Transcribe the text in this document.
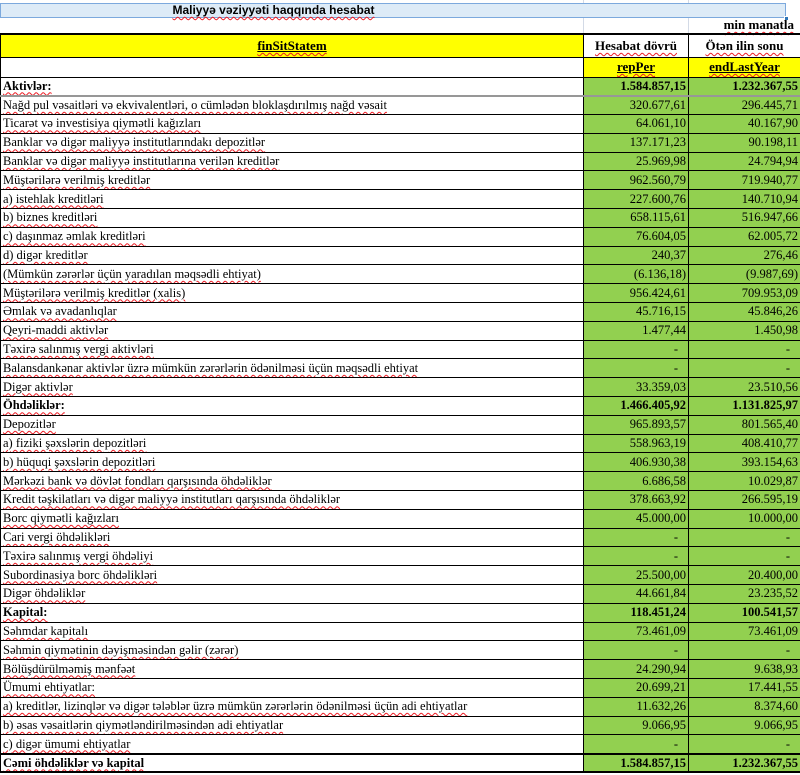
Maliyyə vəziyyəti haqqında hesabat
min manatla
finSitStatem	Hesabat dövrü	Ötən ilin sonu
	repPer	endLastYear
Aktivlər:	1.584.857,15	1.232.367,55
Nağd pul vəsaitləri və ekvivalentləri, o cümlədən bloklaşdırılmış nağd vəsait	320.677,61	296.445,71
Ticarət və investisiya qiymətli kağızları	64.061,10	40.167,90
Banklar və digər maliyyə institutlarındakı depozitlər	137.171,23	90.198,11
Banklar və digər maliyyə institutlarına verilən kreditlər	25.969,98	24.794,94
Müştərilərə verilmiş kreditlər	962.560,79	719.940,77
a) istehlak kreditləri	227.600,76	140.710,94
b) biznes kreditləri	658.115,61	516.947,66
c) daşınmaz əmlak kreditləri	76.604,05	62.005,72
d) digər kreditlər	240,37	276,46
(Mümkün zərərlər üçün yaradılan məqsədli ehtiyat)	(6.136,18)	(9.987,69)
Müştərilərə verilmiş kreditlər (xalis)	956.424,61	709.953,09
Əmlak və avadanlıqlar	45.716,15	45.846,26
Qeyri-maddi aktivlər	1.477,44	1.450,98
Təxirə salınmış vergi aktivləri	-	-
Balansdankənar aktivlər üzrə mümkün zərərlərin ödənilməsi üçün məqsədli ehtiyat	-	-
Digər aktivlər	33.359,03	23.510,56
Öhdəliklər:	1.466.405,92	1.131.825,97
Depozitlər	965.893,57	801.565,40
a) fiziki şəxslərin depozitləri	558.963,19	408.410,77
b) hüquqi şəxslərin depozitləri	406.930,38	393.154,63
Mərkəzi bank və dövlət fondları qarşısında öhdəliklər	6.686,58	10.029,87
Kredit təşkilatları və digər maliyyə institutları qarşısında öhdəliklər	378.663,92	266.595,19
Borc qiymətli kağızları	45.000,00	10.000,00
Cari vergi öhdəlikləri	-	-
Təxirə salınmış vergi öhdəliyi	-	-
Subordinasiya borc öhdəlikləri	25.500,00	20.400,00
Digər öhdəliklər	44.661,84	23.235,52
Kapital:	118.451,24	100.541,57
Səhmdar kapitalı	73.461,09	73.461,09
Səhmin qiymətinin dəyişməsindən gəlir (zərər)	-	-
Bölüşdürülməmiş mənfəət	24.290,94	9.638,93
Ümumi ehtiyatlar:	20.699,21	17.441,55
a) kreditlər, lizinqlər və digər tələblər üzrə mümkün zərərlərin ödənilməsi üçün adi ehtiyatlar	11.632,26	8.374,60
b) əsas vəsaitlərin qiymətləndirilməsindən adi ehtiyatlar	9.066,95	9.066,95
c) digər ümumi ehtiyatlar	-	-
Cəmi öhdəliklər və kapital	1.584.857,15	1.232.367,55
